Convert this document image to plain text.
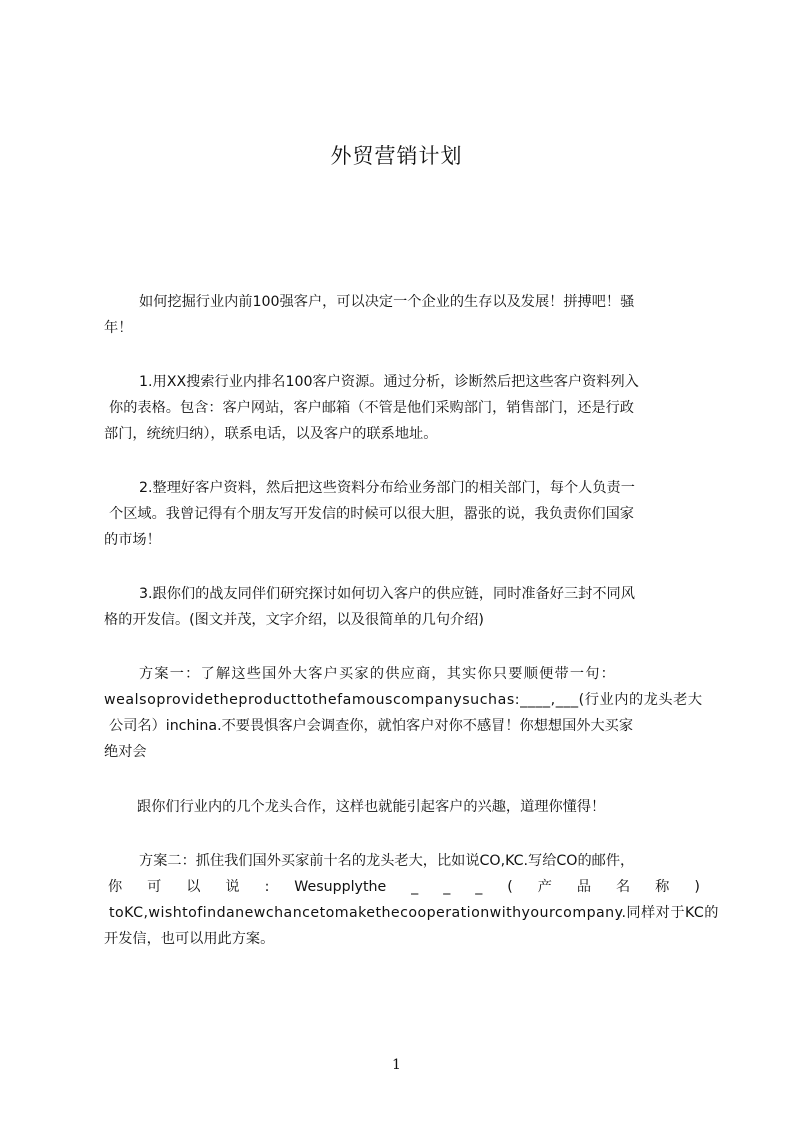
外贸营销计划

如何挖掘行业内前100强客户，可以决定一个企业的生存以及发展！拼搏吧！骚

年！

1.用XX搜索行业内排名100客户资源。通过分析，诊断然后把这些客户资料列入

你的表格。包含：客户网站，客户邮箱（不管是他们采购部门，销售部门，还是行政

部门，统统归纳），联系电话，以及客户的联系地址。

2.整理好客户资料，然后把这些资料分布给业务部门的相关部门，每个人负责一

个区域。我曾记得有个朋友写开发信的时候可以很大胆，嚣张的说，我负责你们国家

的市场！

3.跟你们的战友同伴们研究探讨如何切入客户的供应链，同时准备好三封不同风

格的开发信。(图文并茂，文字介绍，以及很简单的几句介绍)

方案一：了解这些国外大客户买家的供应商，其实你只要顺便带一句：

wealsoprovidetheproducttothefamouscompanysuchas:____,___(行业内的龙头老大

公司名）inchina.不要畏惧客户会调查你，就怕客户对你不感冒！你想想国外大买家

绝对会

跟你们行业内的几个龙头合作，这样也就能引起客户的兴趣，道理你懂得！

方案二：抓住我们国外买家前十名的龙头老大，比如说CO,KC.写给CO的邮件，

你 可 以 说 : Wesupplythe _ _ _ ( 产 品 名 称 )

toKC,wishtofindanewchancetomakethecooperationwithyourcompany.同样对于KC的

开发信，也可以用此方案。

1
